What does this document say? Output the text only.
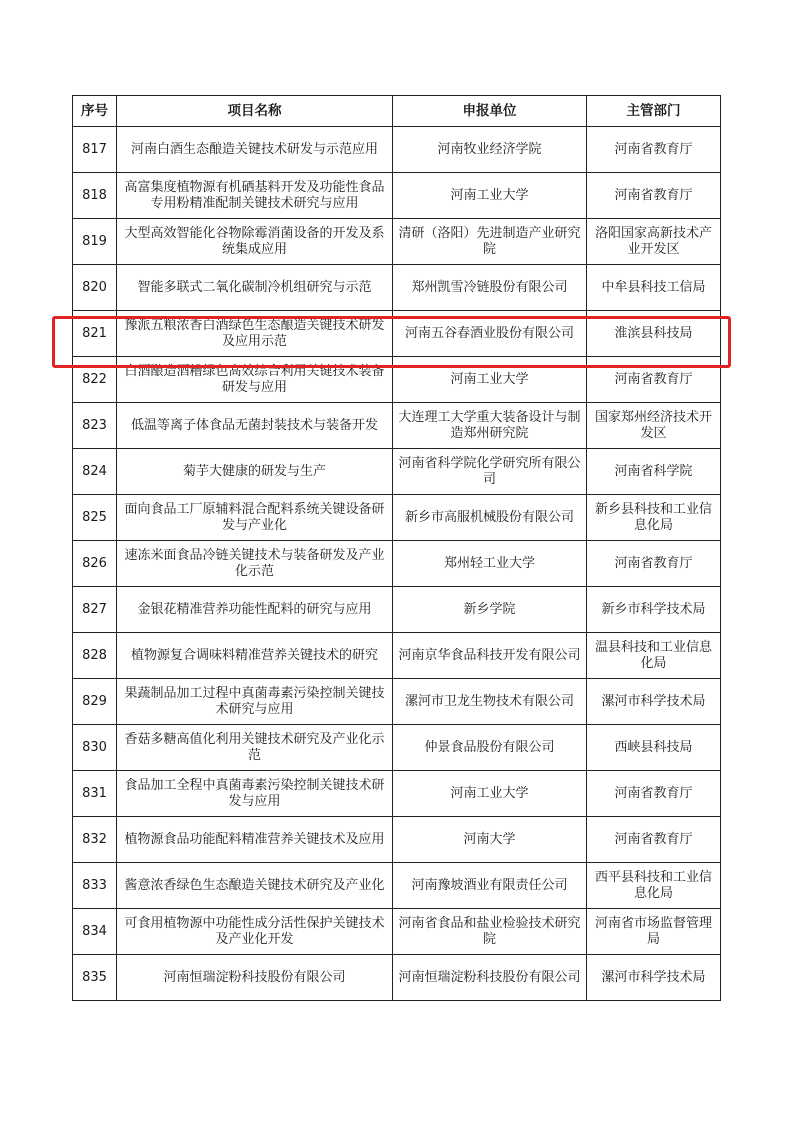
序号	项目名称	申报单位	主管部门
817	河南白酒生态酿造关键技术研发与示范应用	河南牧业经济学院	河南省教育厅
818	高富集度植物源有机硒基料开发及功能性食品专用粉精准配制关键技术研究与应用	河南工业大学	河南省教育厅
819	大型高效智能化谷物除霉消菌设备的开发及系统集成应用	清研（洛阳）先进制造产业研究院	洛阳国家高新技术产业开发区
820	智能多联式二氧化碳制冷机组研究与示范	郑州凯雪冷链股份有限公司	中牟县科技工信局
821	豫派五粮浓香白酒绿色生态酿造关键技术研发及应用示范	河南五谷春酒业股份有限公司	淮滨县科技局
822	白酒酿造酒糟绿色高效综合利用关键技术装备研发与应用	河南工业大学	河南省教育厅
823	低温等离子体食品无菌封装技术与装备开发	大连理工大学重大装备设计与制造郑州研究院	国家郑州经济技术开发区
824	菊芋大健康的研发与生产	河南省科学院化学研究所有限公司	河南省科学院
825	面向食品工厂原辅料混合配料系统关键设备研发与产业化	新乡市高服机械股份有限公司	新乡县科技和工业信息化局
826	速冻米面食品冷链关键技术与装备研发及产业化示范	郑州轻工业大学	河南省教育厅
827	金银花精准营养功能性配料的研究与应用	新乡学院	新乡市科学技术局
828	植物源复合调味料精准营养关键技术的研究	河南京华食品科技开发有限公司	温县科技和工业信息化局
829	果蔬制品加工过程中真菌毒素污染控制关键技术研究与应用	漯河市卫龙生物技术有限公司	漯河市科学技术局
830	香菇多糖高值化利用关键技术研究及产业化示范	仲景食品股份有限公司	西峡县科技局
831	食品加工全程中真菌毒素污染控制关键技术研发与应用	河南工业大学	河南省教育厅
832	植物源食品功能配料精准营养关键技术及应用	河南大学	河南省教育厅
833	酱意浓香绿色生态酿造关键技术研究及产业化	河南豫坡酒业有限责任公司	西平县科技和工业信息化局
834	可食用植物源中功能性成分活性保护关键技术及产业化开发	河南省食品和盐业检验技术研究院	河南省市场监督管理局
835	河南恒瑞淀粉科技股份有限公司	河南恒瑞淀粉科技股份有限公司	漯河市科学技术局
